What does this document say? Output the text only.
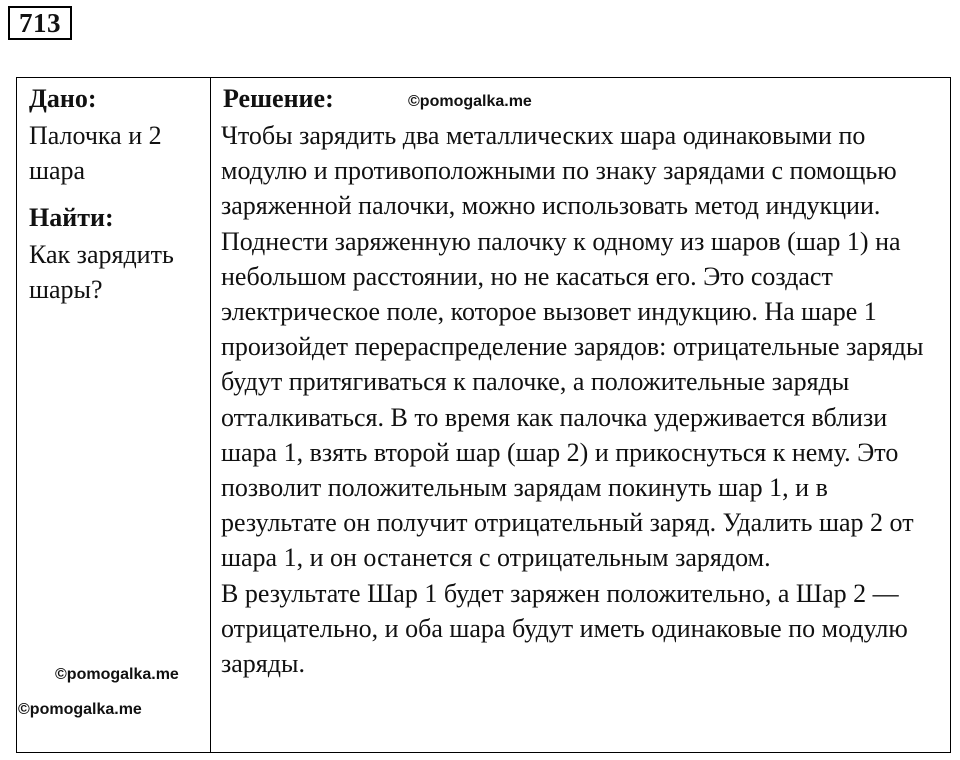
713
Дано:
Палочка и 2 шара
Найти:
Как зарядить шары?
Решение:

Чтобы зарядить два металлических шара одинаковыми по модулю и противоположными по знаку зарядами с помощью заряженной палочки, можно использовать метод индукции. Поднести заряженную палочку к одному из шаров (шар 1) на небольшом расстоянии, но не касаться его. Это создаст электрическое поле, которое вызовет индукцию. На шаре 1 произойдет перераспределение зарядов: отрицательные заряды будут притягиваться к палочке, а положительные заряды отталкиваться. В то время как палочка удерживается вблизи шара 1, взять второй шар (шар 2) и прикоснуться к нему. Это позволит положительным зарядам покинуть шар 1, и в результате он получит отрицательный заряд. Удалить шар 2 от шара 1, и он останется с отрицательным зарядом.

В результате Шар 1 будет заряжен положительно, а Шар 2 — отрицательно, и оба шара будут иметь одинаковые по модулю заряды.

©pomogalka.me
©pomogalka.me
©pomogalka.me
